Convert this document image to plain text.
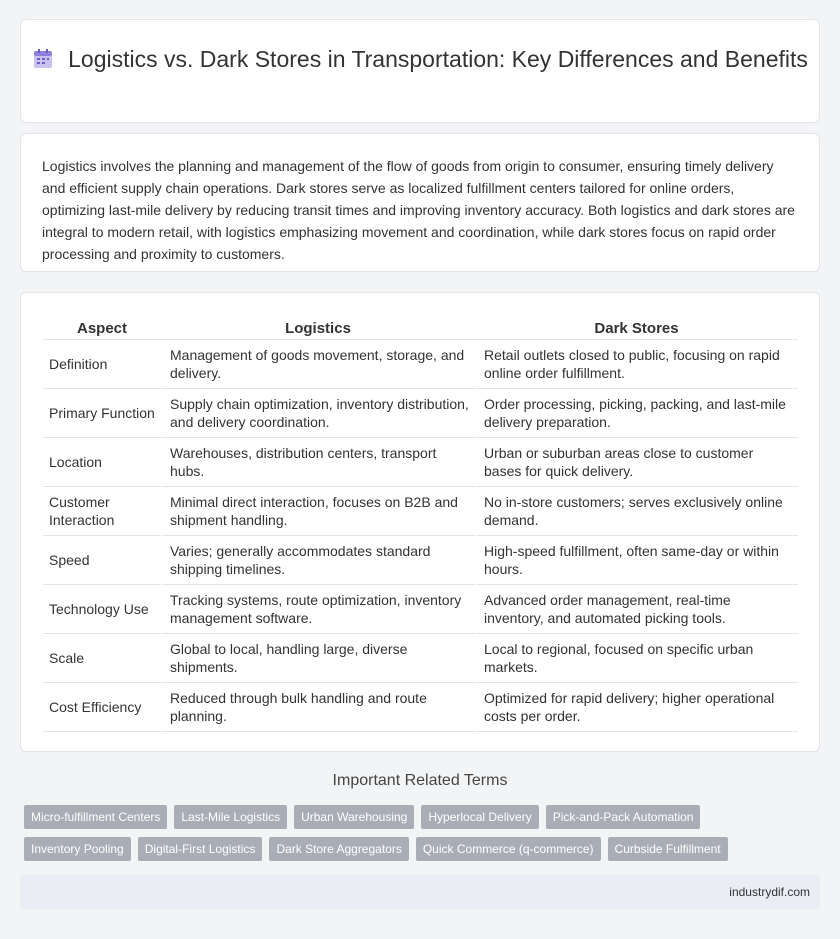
Logistics vs. Dark Stores in Transportation: Key Differences and Benefits

Logistics involves the planning and management of the flow of goods from origin to consumer, ensuring timely delivery and efficient supply chain operations. Dark stores serve as localized fulfillment centers tailored for online orders, optimizing last-mile delivery by reducing transit times and improving inventory accuracy. Both logistics and dark stores are integral to modern retail, with logistics emphasizing movement and coordination, while dark stores focus on rapid order processing and proximity to customers.

Aspect	Logistics	Dark Stores
Definition	Management of goods movement, storage, and delivery.	Retail outlets closed to public, focusing on rapid online order fulfillment.
Primary Function	Supply chain optimization, inventory distribution, and delivery coordination.	Order processing, picking, packing, and last-mile delivery preparation.
Location	Warehouses, distribution centers, transport hubs.	Urban or suburban areas close to customer bases for quick delivery.
Customer Interaction	Minimal direct interaction, focuses on B2B and shipment handling.	No in-store customers; serves exclusively online demand.
Speed	Varies; generally accommodates standard shipping timelines.	High-speed fulfillment, often same-day or within hours.
Technology Use	Tracking systems, route optimization, inventory management software.	Advanced order management, real-time inventory, and automated picking tools.
Scale	Global to local, handling large, diverse shipments.	Local to regional, focused on specific urban markets.
Cost Efficiency	Reduced through bulk handling and route planning.	Optimized for rapid delivery; higher operational costs per order.
Important Related Terms
Micro-fulfillment Centers	Last-Mile Logistics	Urban Warehousing	Hyperlocal Delivery	Pick-and-Pack Automation
Inventory Pooling	Digital-First Logistics	Dark Store Aggregators	Quick Commerce (q-commerce)	Curbside Fulfillment
industrydif.com
